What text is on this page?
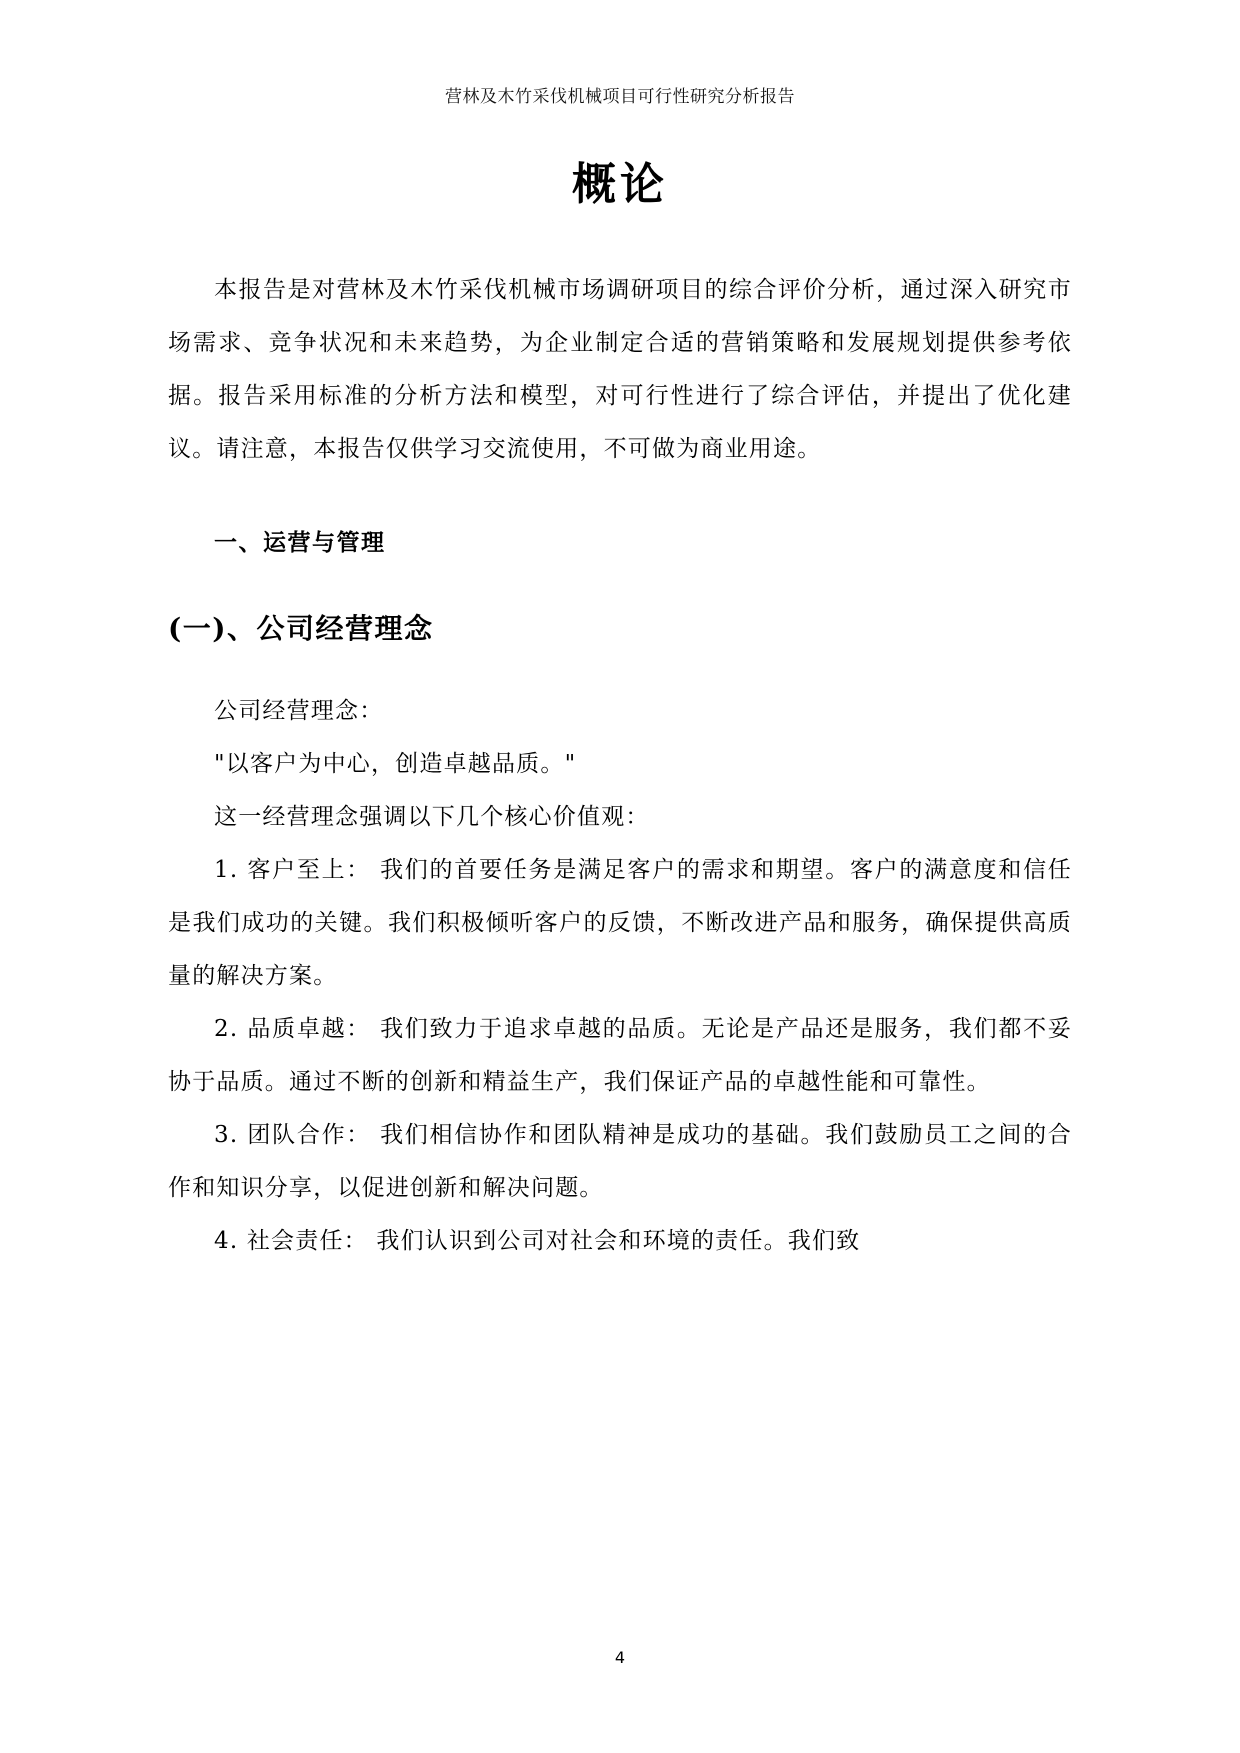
营林及木竹采伐机械项目可行性研究分析报告
概论

本报告是对营林及木竹采伐机械市场调研项目的综合评价分析，通过深入研究市场需求、竞争状况和未来趋势，为企业制定合适的营销策略和发展规划提供参考依据。报告采用标准的分析方法和模型，对可行性进行了综合评估，并提出了优化建议。请注意，本报告仅供学习交流使用，不可做为商业用途。

一、运营与管理

(一)、公司经营理念

公司经营理念：

"以客户为中心，创造卓越品质。"

这一经营理念强调以下几个核心价值观：

1. 客户至上： 我们的首要任务是满足客户的需求和期望。客户的满意度和信任是我们成功的关键。我们积极倾听客户的反馈，不断改进产品和服务，确保提供高质量的解决方案。

2. 品质卓越： 我们致力于追求卓越的品质。无论是产品还是服务，我们都不妥协于品质。通过不断的创新和精益生产，我们保证产品的卓越性能和可靠性。

3. 团队合作： 我们相信协作和团队精神是成功的基础。我们鼓励员工之间的合作和知识分享，以促进创新和解决问题。

4. 社会责任： 我们认识到公司对社会和环境的责任。我们致

4
